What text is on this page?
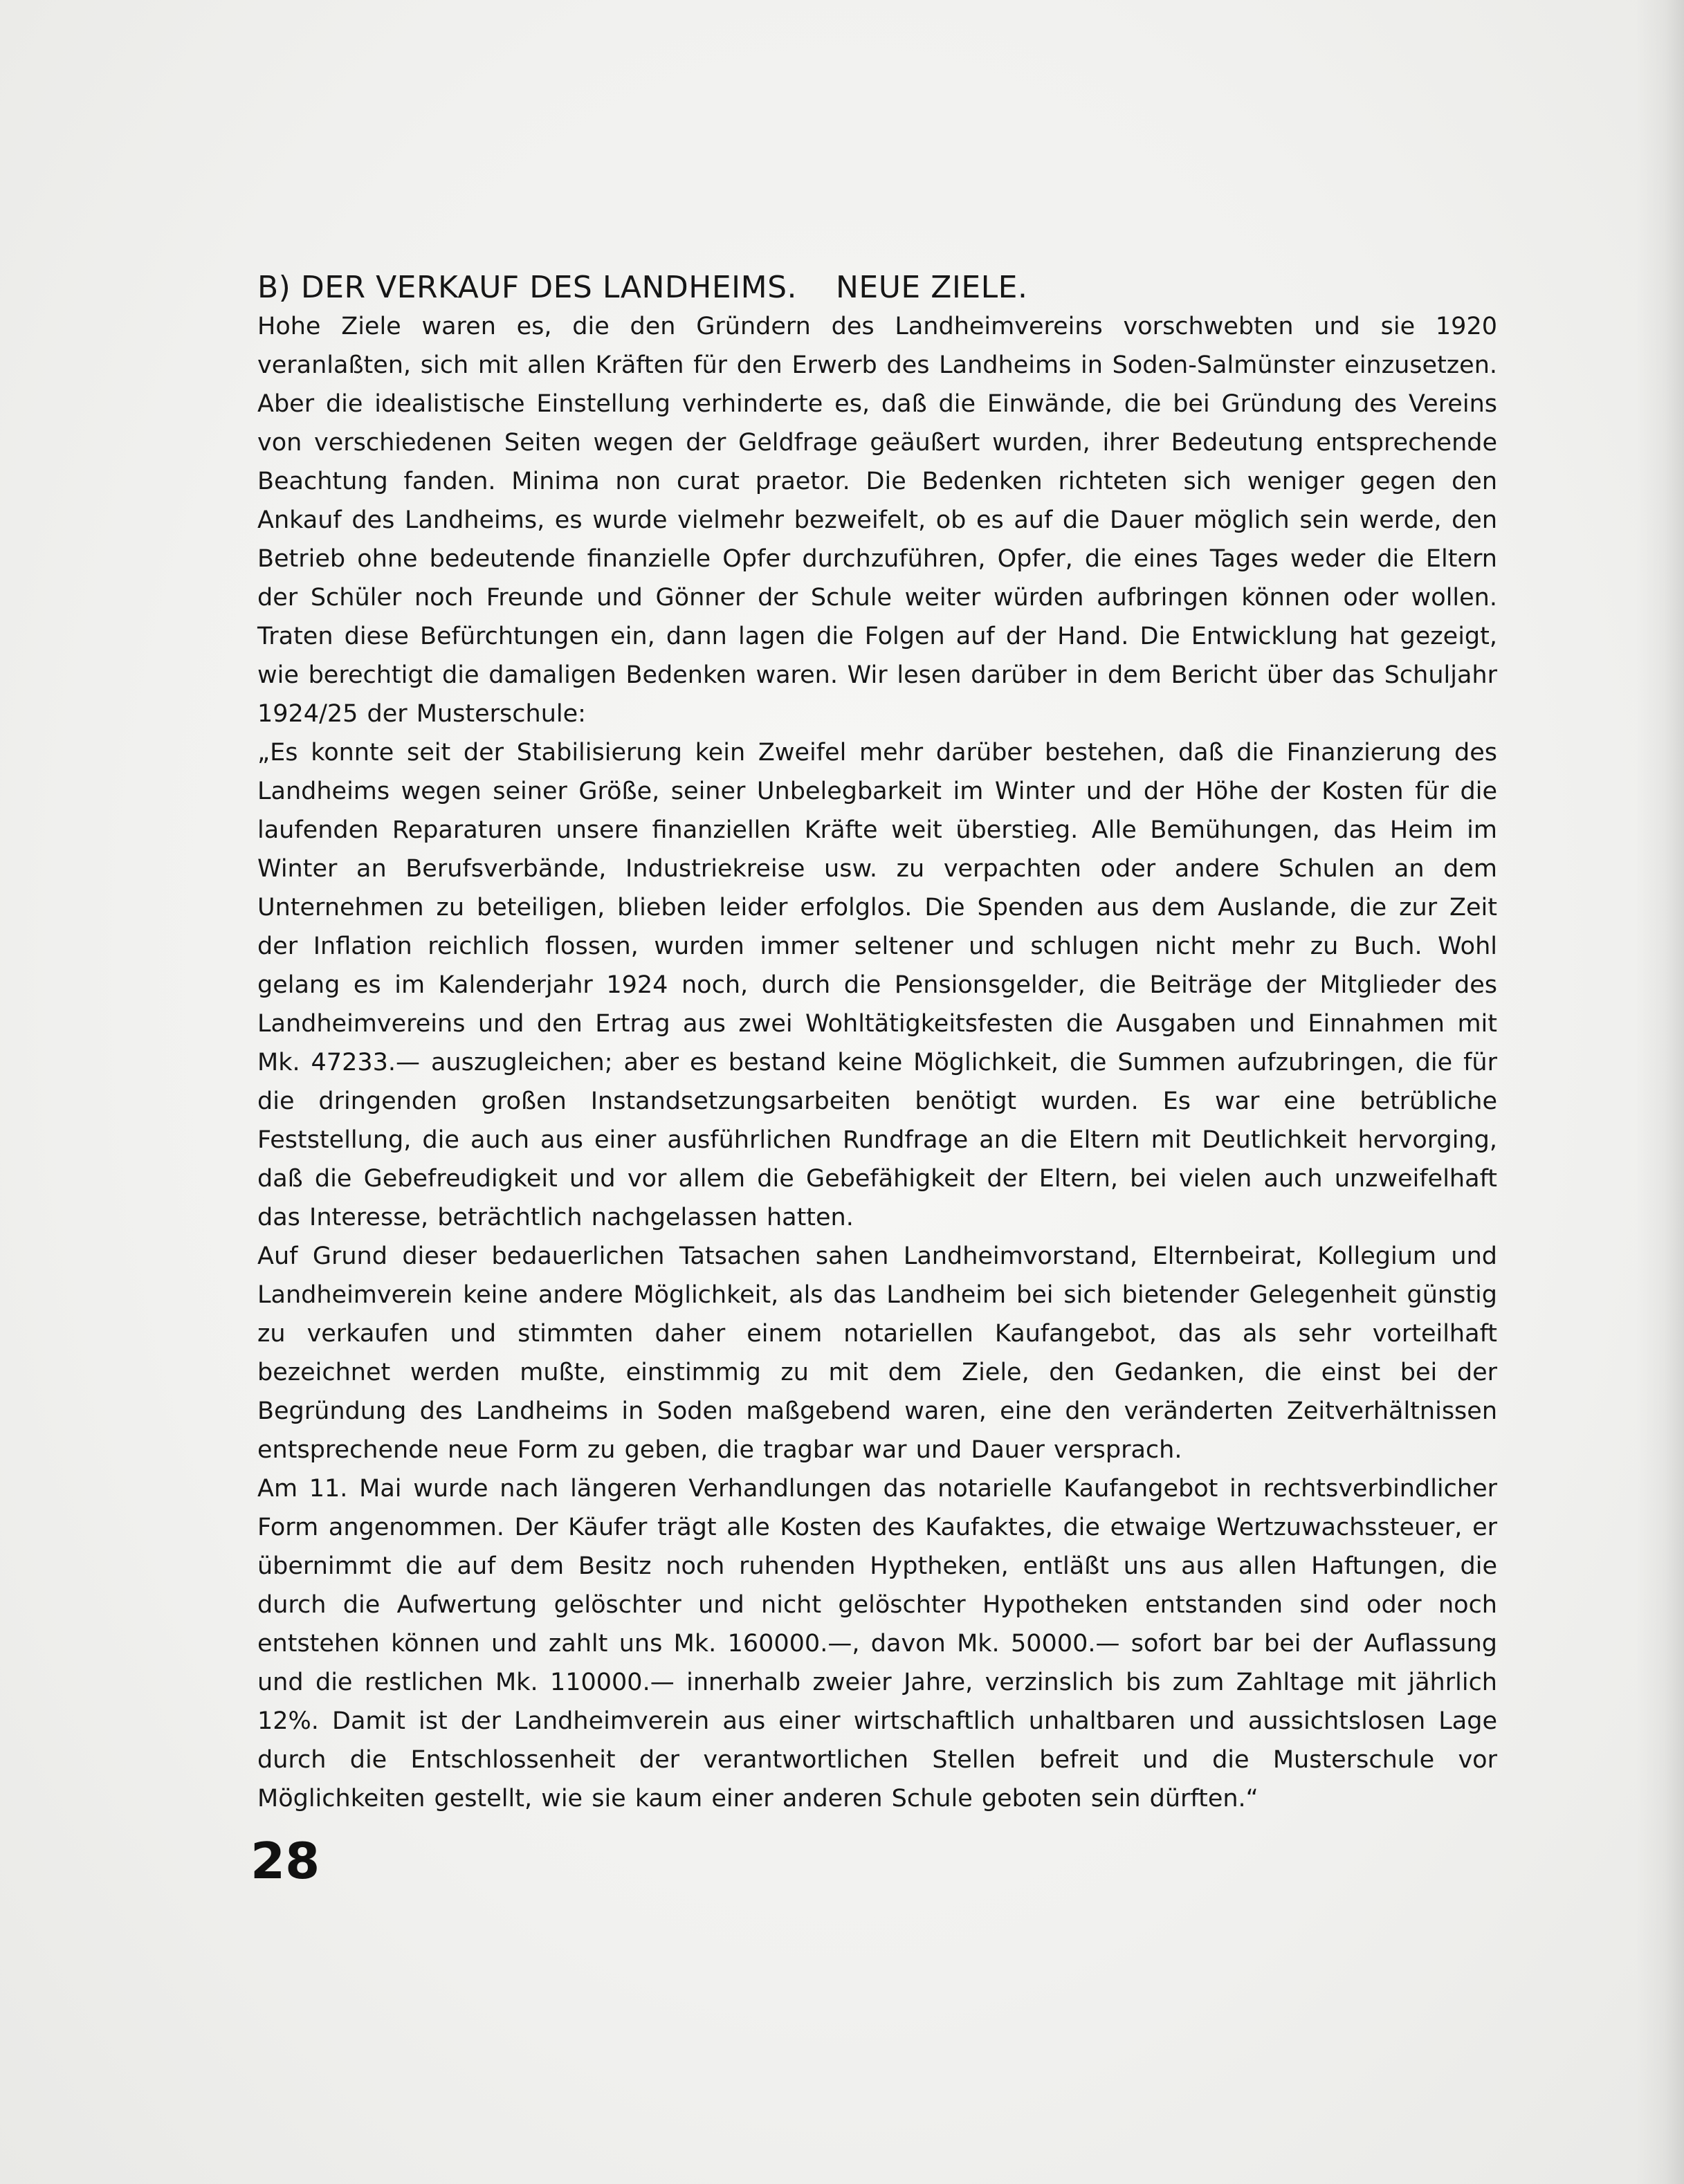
B) DER VERKAUF DES LANDHEIMS. NEUE ZIELE.

Hohe Ziele waren es, die den Gründern des Landheimvereins vorschwebten und sie 1920 veranlaßten, sich mit allen Kräften für den Erwerb des Landheims in Soden-Salmünster einzusetzen. Aber die idealistische Einstellung verhinderte es, daß die Einwände, die bei Gründung des Vereins von verschiedenen Seiten wegen der Geldfrage geäußert wurden, ihrer Bedeutung entsprechende Beachtung fanden. Minima non curat praetor. Die Bedenken richteten sich weniger gegen den Ankauf des Landheims, es wurde vielmehr bezweifelt, ob es auf die Dauer möglich sein werde, den Betrieb ohne bedeutende finanzielle Opfer durchzuführen, Opfer, die eines Tages weder die Eltern der Schüler noch Freunde und Gönner der Schule weiter würden aufbringen können oder wollen. Traten diese Befürchtungen ein, dann lagen die Folgen auf der Hand. Die Entwicklung hat gezeigt, wie berechtigt die damaligen Bedenken waren. Wir lesen darüber in dem Bericht über das Schuljahr 1924/25 der Musterschule:

„Es konnte seit der Stabilisierung kein Zweifel mehr darüber bestehen, daß die Finanzierung des Landheims wegen seiner Größe, seiner Unbelegbarkeit im Winter und der Höhe der Kosten für die laufenden Reparaturen unsere finanziellen Kräfte weit überstieg. Alle Bemühungen, das Heim im Winter an Berufsverbände, Industriekreise usw. zu verpachten oder andere Schulen an dem Unternehmen zu beteiligen, blieben leider erfolglos. Die Spenden aus dem Auslande, die zur Zeit der Inflation reichlich flossen, wurden immer seltener und schlugen nicht mehr zu Buch. Wohl gelang es im Kalenderjahr 1924 noch, durch die Pensionsgelder, die Beiträge der Mitglieder des Landheimvereins und den Ertrag aus zwei Wohltätigkeitsfesten die Ausgaben und Einnahmen mit Mk. 47233.— auszugleichen; aber es bestand keine Möglichkeit, die Summen aufzubringen, die für die dringenden großen Instandsetzungsarbeiten benötigt wurden. Es war eine betrübliche Feststellung, die auch aus einer ausführlichen Rundfrage an die Eltern mit Deutlichkeit hervorging, daß die Gebefreudigkeit und vor allem die Gebefähigkeit der Eltern, bei vielen auch unzweifelhaft das Interesse, beträchtlich nachgelassen hatten.

Auf Grund dieser bedauerlichen Tatsachen sahen Landheimvorstand, Elternbeirat, Kollegium und Landheimverein keine andere Möglichkeit, als das Landheim bei sich bietender Gelegenheit günstig zu verkaufen und stimmten daher einem notariellen Kaufangebot, das als sehr vorteilhaft bezeichnet werden mußte, einstimmig zu mit dem Ziele, den Gedanken, die einst bei der Begründung des Landheims in Soden maßgebend waren, eine den veränderten Zeitverhältnissen entsprechende neue Form zu geben, die tragbar war und Dauer versprach.

Am 11. Mai wurde nach längeren Verhandlungen das notarielle Kaufangebot in rechtsverbindlicher Form angenommen. Der Käufer trägt alle Kosten des Kaufaktes, die etwaige Wertzuwachssteuer, er übernimmt die auf dem Besitz noch ruhenden Hyptheken, entläßt uns aus allen Haftungen, die durch die Aufwertung gelöschter und nicht gelöschter Hypotheken entstanden sind oder noch entstehen können und zahlt uns Mk. 160000.—, davon Mk. 50000.— sofort bar bei der Auflassung und die restlichen Mk. 110000.— innerhalb zweier Jahre, verzinslich bis zum Zahltage mit jährlich 12%. Damit ist der Landheimverein aus einer wirtschaftlich unhaltbaren und aussichtslosen Lage durch die Entschlossenheit der verantwortlichen Stellen befreit und die Musterschule vor Möglichkeiten gestellt, wie sie kaum einer anderen Schule geboten sein dürften.“

28
